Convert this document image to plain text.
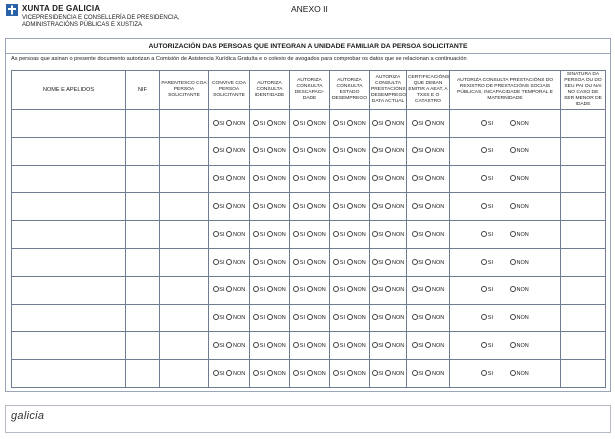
XUNTA DE GALICIA
VICEPRESIDENCIA E CONSELLERÍA DE PRESIDENCIA,
ADMINISTRACIÓNS PÚBLICAS E XUSTIZA
ANEXO II
AUTORIZACIÓN DAS PERSOAS QUE INTEGRAN A UNIDADE FAMILIAR DA PERSOA SOLICITANTE
As persoas que asinan o presente documento autorizan a Comisión de Asistencia Xurídica Gratuíta e o colexio de avogados para comprobar os datos que se relacionan a continuación
NOME E APELIDOS	NIF	PARENTESCO COA PERSOA SOLICITANTE	CONVIVE COA PERSOA SOLICITANTE	AUTORIZA CONSULTA IDENTIDADE	AUTORIZA CONSULTA DESCAPACI-DADE	AUTORIZA CONSULTA ESTADO DESEMPREGO	AUTORIZA CONSULTA PRESTACIÓNS DESEMPREGO DATA ACTUAL	CERTIFICACIÓNS QUE DEBAN EMITIR A AEAT, A TXSS E O CATASTRO	AUTORIZA CONSULTA PRESTACIÓNS DO REXISTRO DE PRESTACIÓNS SOCIAIS PÚBLICAS, INCAPACIDADE TEMPORAL E MATERNIDADE	SINATURA DA PERSOA OU DO SEU PAI OU NAI NO CASO DE SER MENOR DE IDADE
			SI NON	SI NON	SI NON	SI NON	SI NON	SI NON	SI NON	
			SI NON	SI NON	SI NON	SI NON	SI NON	SI NON	SI NON	
			SI NON	SI NON	SI NON	SI NON	SI NON	SI NON	SI NON	
			SI NON	SI NON	SI NON	SI NON	SI NON	SI NON	SI NON	
			SI NON	SI NON	SI NON	SI NON	SI NON	SI NON	SI NON	
			SI NON	SI NON	SI NON	SI NON	SI NON	SI NON	SI NON	
			SI NON	SI NON	SI NON	SI NON	SI NON	SI NON	SI NON	
			SI NON	SI NON	SI NON	SI NON	SI NON	SI NON	SI NON	
			SI NON	SI NON	SI NON	SI NON	SI NON	SI NON	SI NON	
			SI NON	SI NON	SI NON	SI NON	SI NON	SI NON	SI NON	
galicia
